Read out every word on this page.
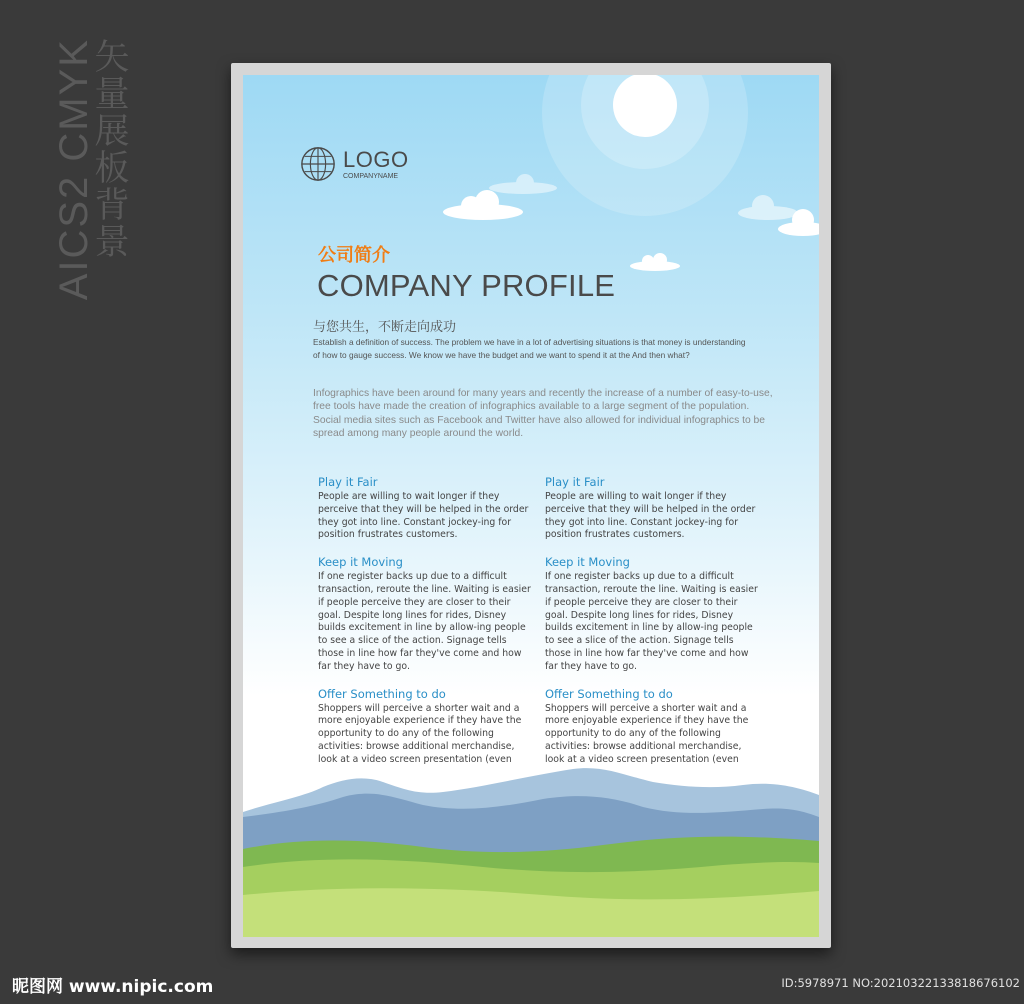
AICS2 CMYK
矢量展板背景
LOGO
COMPANYNAME
公司简介
COMPANY PROFILE
与您共生，不断走向成功
Establish a definition of success. The problem we have in a lot of advertising situations is that money is understanding of how to gauge success. We know we have the budget and we want to spend it at the And then what?
Infographics have been around for many years and recently the increase of a number of easy-to-use, free tools have made the creation of infographics available to a large segment of the population. Social media sites such as Facebook and Twitter have also allowed for individual infographics to be spread among many people around the world.
Play it Fair
People are willing to wait longer if they perceive that they will be helped in the order they got into line. Constant jockey-ing for position frustrates customers.
Keep it Moving
If one register backs up due to a difficult transaction, reroute the line. Waiting is easier if people perceive they are closer to their goal. Despite long lines for rides, Disney builds excitement in line by allow-ing people to see a slice of the action. Signage tells those in line how far they've come and how far they have to go.
Offer Something to do
Shoppers will perceive a shorter wait and a more enjoyable experience if they have the opportunity to do any of the following activities: browse additional merchandise, look at a video screen presentation (even
Play it Fair
People are willing to wait longer if they perceive that they will be helped in the order they got into line. Constant jockey-ing for position frustrates customers.
Keep it Moving
If one register backs up due to a difficult transaction, reroute the line. Waiting is easier if people perceive they are closer to their goal. Despite long lines for rides, Disney builds excitement in line by allow-ing people to see a slice of the action. Signage tells those in line how far they've come and how far they have to go.
Offer Something to do
Shoppers will perceive a shorter wait and a more enjoyable experience if they have the opportunity to do any of the following activities: browse additional merchandise, look at a video screen presentation (even
昵图网 www.nipic.com	ID:5978971 NO:20210322133818676102
